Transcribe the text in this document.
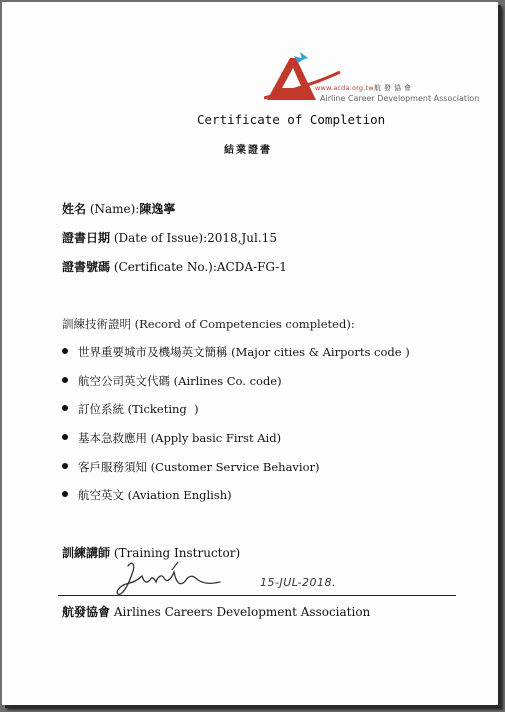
www.acda.org.tw 航發協會
Airline Career Development Association
Certificate of Completion
結業證書
姓名 (Name):陳逸寧
證書日期 (Date of Issue):2018,Jul.15
證書號碼 (Certificate No.):ACDA-FG-1
訓練技術證明 (Record of Competencies completed):
世界重要城市及機場英文簡稱 (Major cities & Airports code )
航空公司英文代碼 (Airlines Co. code)
訂位系統 (Ticketing  )
基本急救應用 (Apply basic First Aid)
客戶服務須知 (Customer Service Behavior)
航空英文 (Aviation English)
訓練講師 (Training Instructor)
15-JUL-2018.
航發協會 Airlines Careers Development Association
